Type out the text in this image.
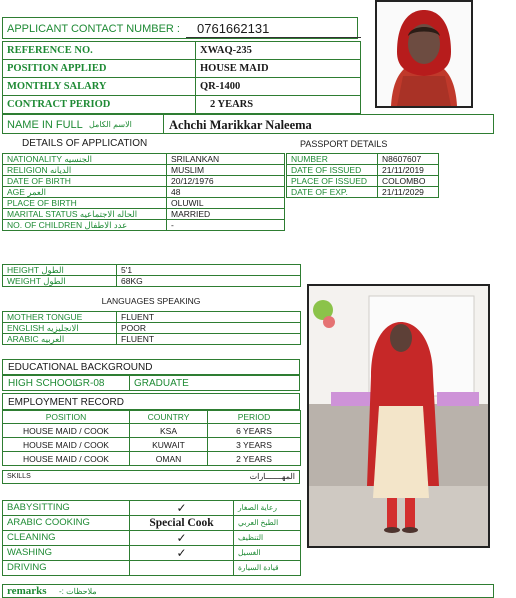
APPLICANT CONTACT NUMBER : 0761662131
REFERENCE NO.	XWAQ-235
POSITION APPLIED	HOUSE MAID
MONTHLY SALARY	QR-1400
CONTRACT PERIOD	2 YEARS
NAME IN FULL الاسم الكامل	Achchi Marikkar Naleema
DETAILS OF APPLICATION	PASSPORT DETAILS
NATIONALITY الجنسيه	SRILANKAN
RELIGION الديانه	MUSLIM
DATE OF BIRTH	20/12/1976
AGE العمر	48
PLACE OF BIRTH	OLUWIL
MARITAL STATUS الحاله الاجتماعيه	MARRIED
NO. OF CHILDREN عدد الاطفال	-
NUMBER	N8607607
DATE OF ISSUED	21/11/2019
PLACE OF ISSUED	COLOMBO
DATE OF EXP.	21/11/2029
HEIGHT الطول	5'1
WEIGHT الطول	68KG
LANGUAGES SPEAKING
MOTHER TONGUE	FLUENT
ENGLISH الانجليزيه	POOR
ARABIC العربيه	FLUENT
EDUCATIONAL BACKGROUND
HIGH SCHOOL
GR-08	GRADUATE
EMPLOYMENT RECORD
POSITION	COUNTRY	PERIOD
HOUSE MAID / COOK	KSA	6 YEARS
HOUSE MAID / COOK	KUWAIT	3 YEARS
HOUSE MAID / COOK	OMAN	2 YEARS
SKILLS	المهـــــــارات
BABYSITTING	✓	رعاية الصغار
ARABIC COOKING	Special Cook	الطبخ العربي
CLEANING	✓	التنظيف
WASHING	✓	الغسيل
DRIVING		قيادة السيارة
remarks ملاحظات :-
